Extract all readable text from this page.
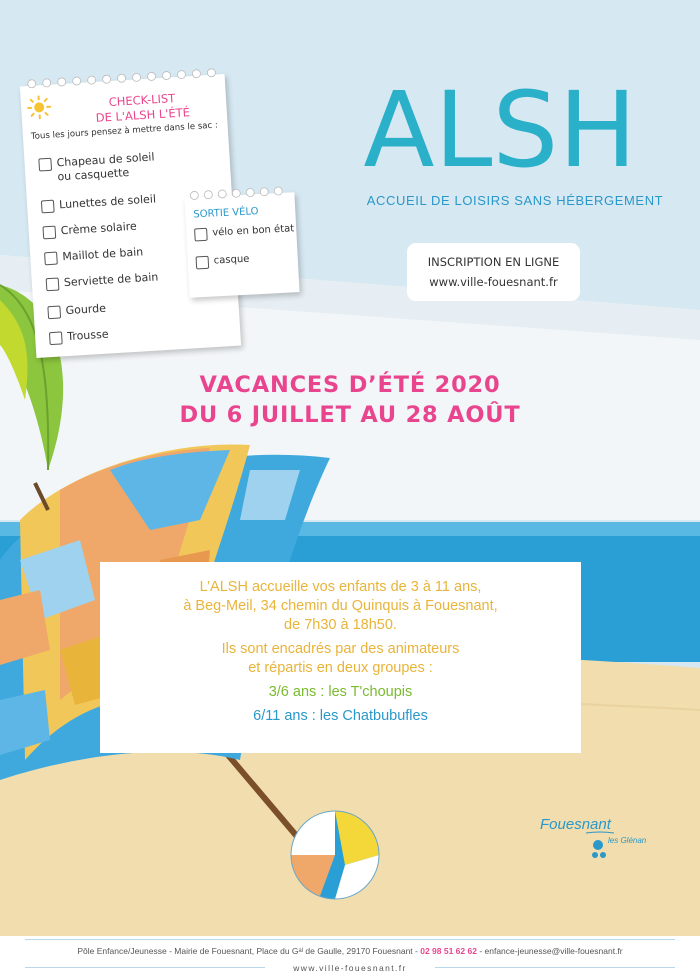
CHECK-LIST
DE L'ALSH L'ÉTÉ
Tous les jours pensez à mettre dans le sac :
Chapeau de soleil
ou casquette
Lunettes de soleil
Crème solaire
Maillot de bain
Serviette de bain
Gourde
Trousse
SORTIE VÉLO
vélo en bon état
casque
ALSH
ACCUEIL DE LOISIRS SANS HÉBERGEMENT
INSCRIPTION EN LIGNE
www.ville-fouesnant.fr
VACANCES D’ÉTÉ 2020
DU 6 JUILLET AU 28 AOÛT
L’ALSH accueille vos enfants de 3 à 11 ans,
à Beg-Meil, 34 chemin du Quinquis à Fouesnant,
de 7h30 à 18h50.
Ils sont encadrés par des animateurs
et répartis en deux groupes :
3/6 ans : les T'choupis
6/11 ans : les Chatbubufles
Fouesnant
les Glénan
Pôle Enfance/Jeunesse - Mairie de Fouesnant, Place du Gᵃˡ de Gaulle, 29170 Fouesnant - 02 98 51 62 62 - enfance-jeunesse@ville-fouesnant.fr
www.ville-fouesnant.fr
